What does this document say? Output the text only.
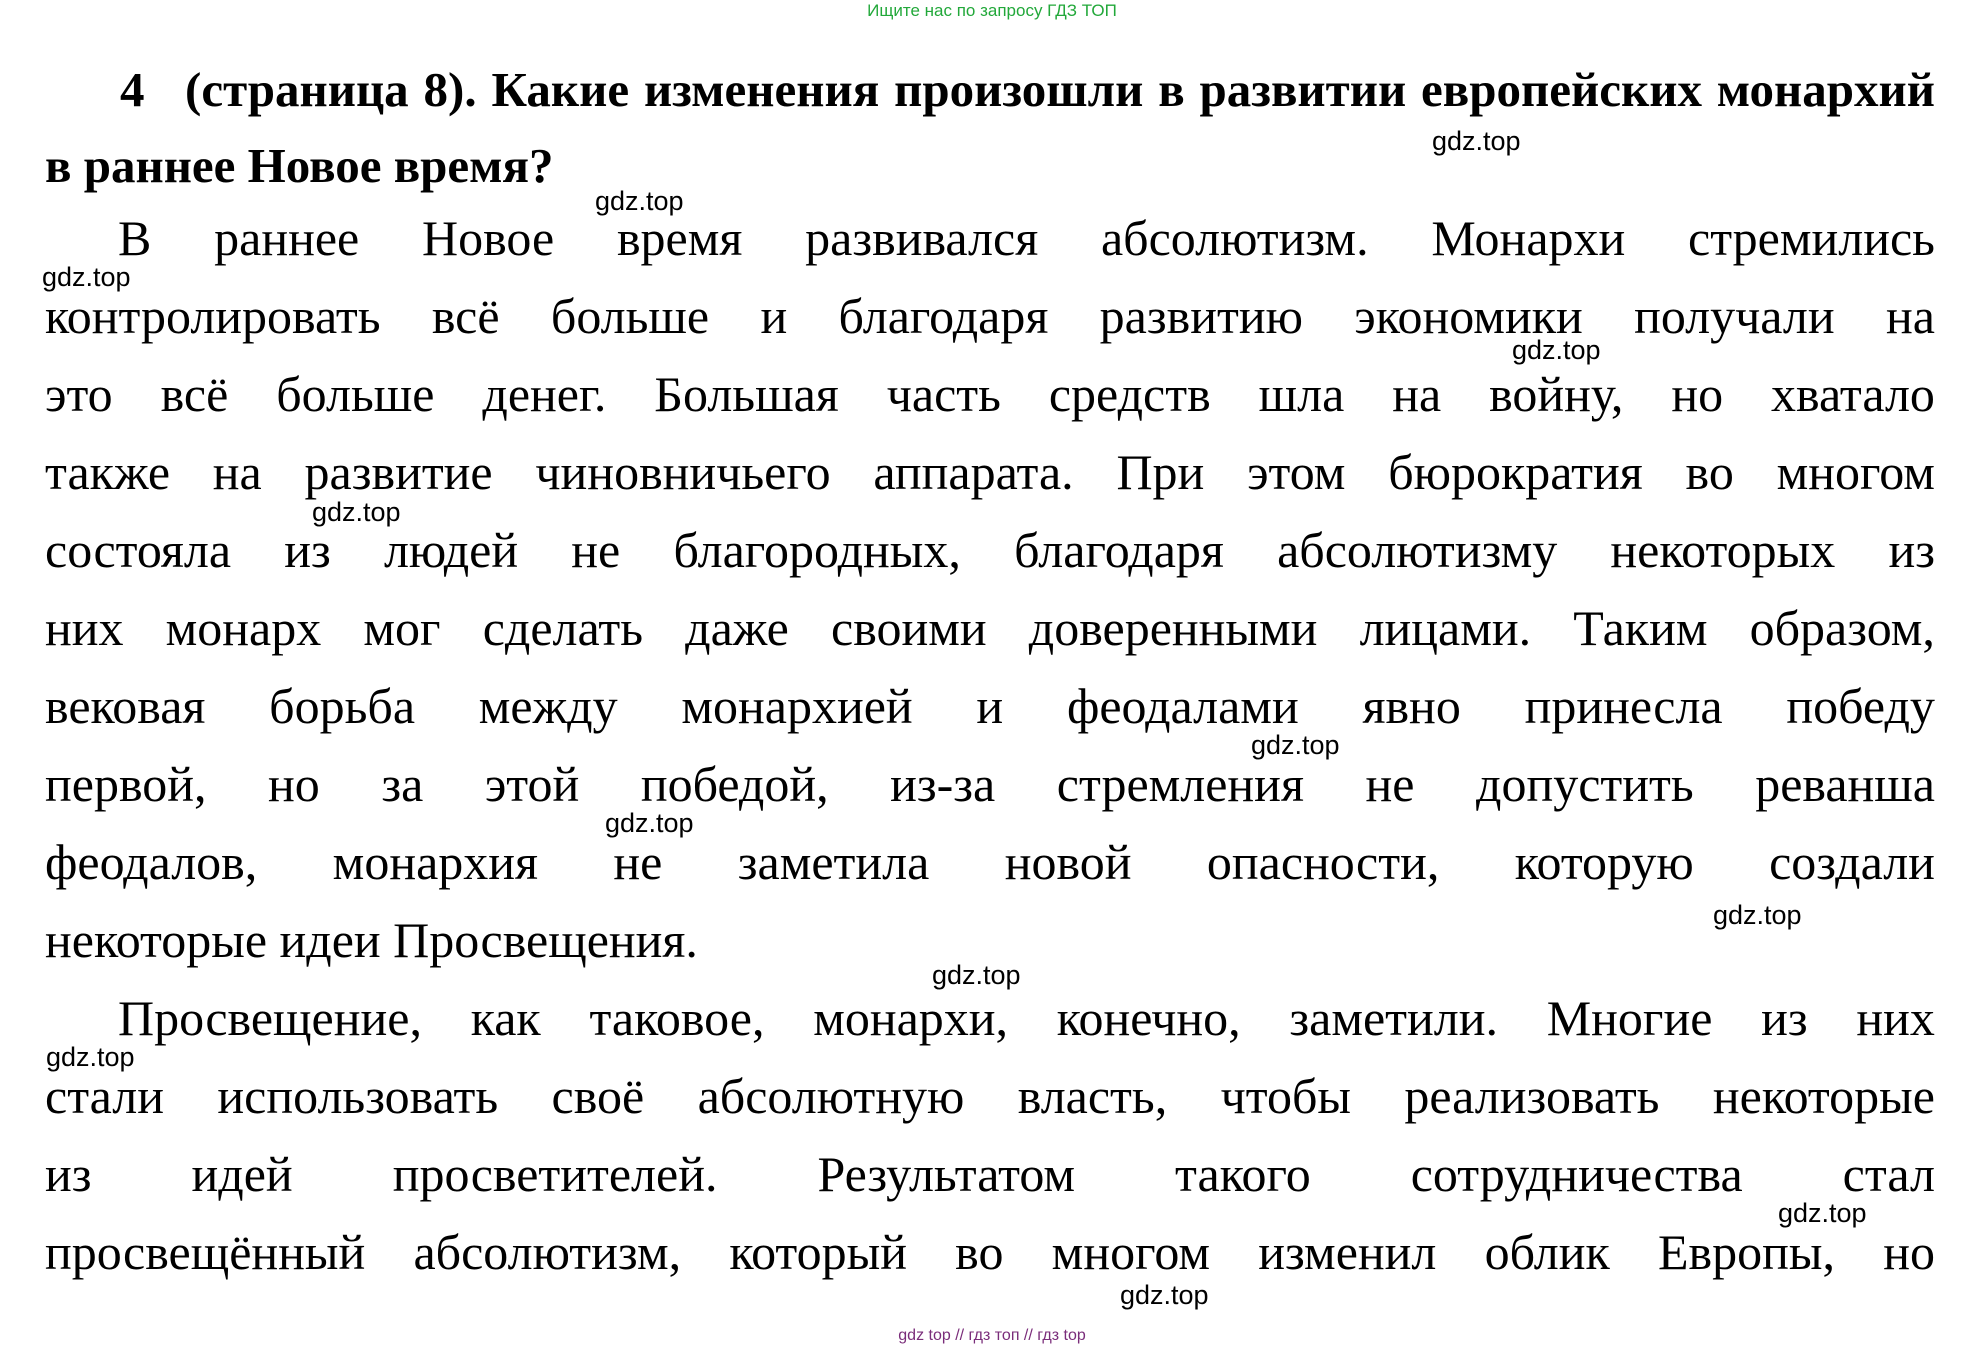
Ищите нас по запросу ГДЗ ТОП
4 (страница 8). Какие изменения произошли в развитии европейских монархий в раннее Новое время?
В раннее Новое время развивался абсолютизм. Монархи стремились
контролировать всё больше и благодаря развитию экономики получали на
это всё больше денег. Большая часть средств шла на войну, но хватало
также на развитие чиновничьего аппарата. При этом бюрократия во многом
состояла из людей не благородных, благодаря абсолютизму некоторых из
них монарх мог сделать даже своими доверенными лицами. Таким образом,
вековая борьба между монархией и феодалами явно принесла победу
первой, но за этой победой, из-за стремления не допустить реванша
феодалов, монархия не заметила новой опасности, которую создали
некоторые идеи Просвещения.
Просвещение, как таковое, монархи, конечно, заметили. Многие из них
стали использовать своё абсолютную власть, чтобы реализовать некоторые
из идей просветителей. Результатом такого сотрудничества стал
просвещённый абсолютизм, который во многом изменил облик Европы, но
gdz.top
gdz.top
gdz.top
gdz.top
gdz.top
gdz.top
gdz.top
gdz.top
gdz.top
gdz.top
gdz.top
gdz.top
gdz top // гдз топ // гдз top
